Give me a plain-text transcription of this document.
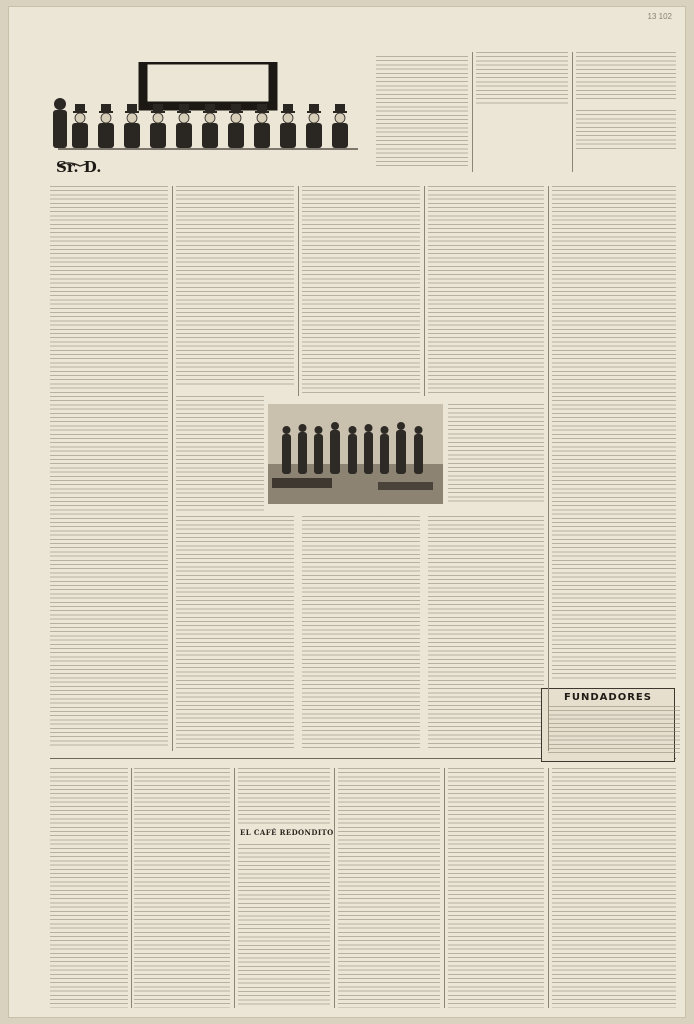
13 102
Sr. D.
FUNDADORES
EL CAFÉ REDONDITO
